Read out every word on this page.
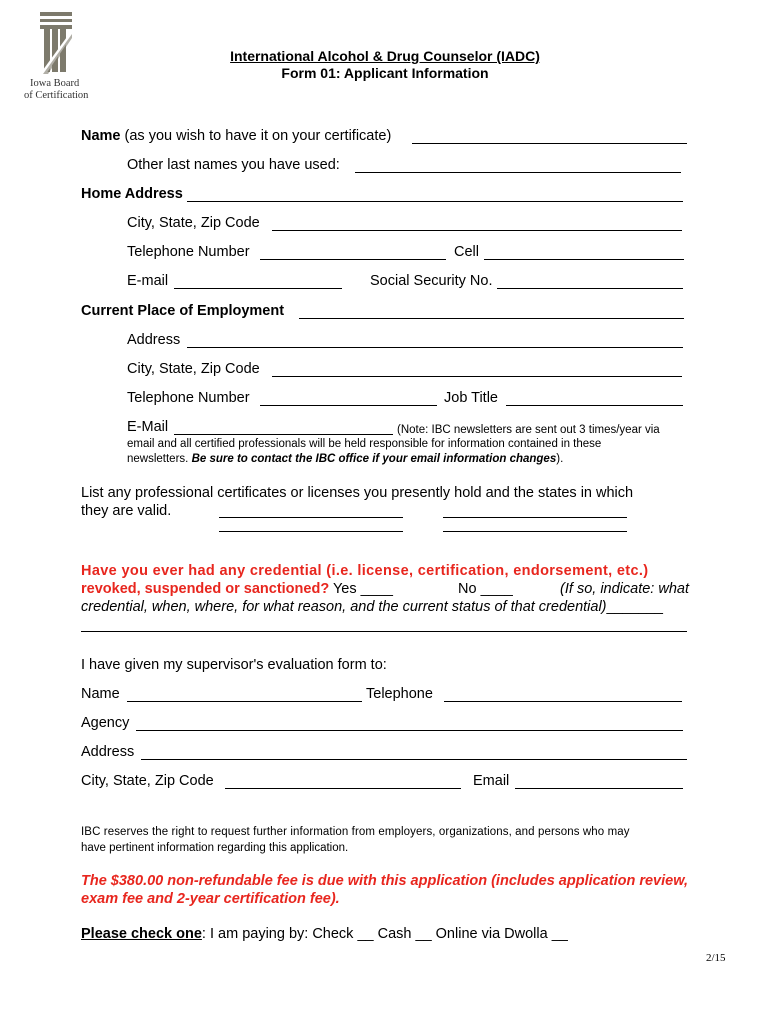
Iowa Board
of Certification
International Alcohol & Drug Counselor (IADC)
Form 01: Applicant Information
Name (as you wish to have it on your certificate)
Other last names you have used:
Home Address
City, State, Zip Code
Telephone Number	Cell
E-mail	Social Security No.
Current Place of Employment
Address
City, State, Zip Code
Telephone Number	Job Title
E-Mail	(Note: IBC newsletters are sent out 3 times/year via
email and all certified professionals will be held responsible for information contained in these
newsletters. Be sure to contact the IBC office if your email information changes).
List any professional certificates or licenses you presently hold and the states in which
they are valid.
Have you ever had any credential (i.e. license, certification, endorsement, etc.)
revoked, suspended or sanctioned? Yes ____	No ____	(If so, indicate: what
credential, when, where, for what reason, and the current status of that credential)_______
I have given my supervisor's evaluation form to:
Name	Telephone
Agency
Address
City, State, Zip Code	Email
IBC reserves the right to request further information from employers, organizations, and persons who may
have pertinent information regarding this application.
The $380.00 non-refundable fee is due with this application (includes application review,
exam fee and 2-year certification fee).
Please check one: I am paying by: Check __ Cash __ Online via Dwolla __
2/15
